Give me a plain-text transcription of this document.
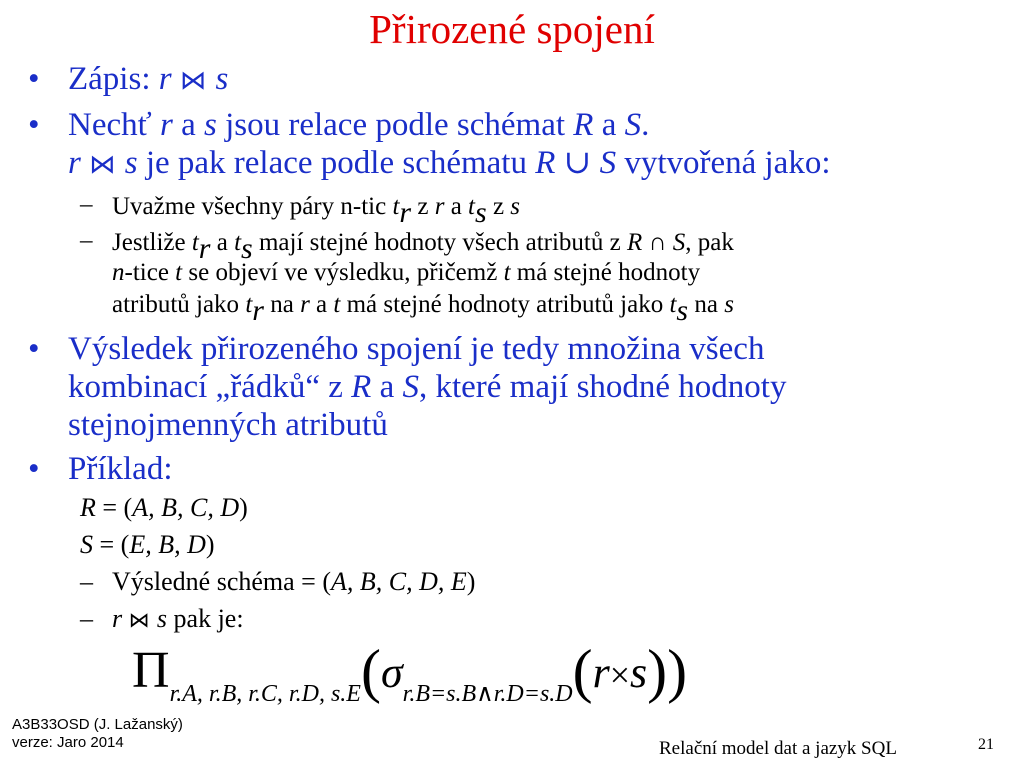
Přirozené spojení
• Zápis: r ⋈ s
• Nechť r a s jsou relace podle schémat R a S.
r ⋈ s je pak relace podle schématu R ∪ S vytvořená jako:
– Uvažme všechny páry n-tic tr z r a ts z s
– Jestliže tr a ts mají stejné hodnoty všech atributů z R ∩ S, pak
n-tice t se objeví ve výsledku, přičemž t má stejné hodnoty
atributů jako tr na r a t má stejné hodnoty atributů jako ts na s
• Výsledek přirozeného spojení je tedy množina všech
kombinací „řádků“ z R a S, které mají shodné hodnoty
stejnojmenných atributů
• Příklad:
R = (A, B, C, D)
S = (E, B, D)
– Výsledné schéma = (A, B, C, D, E)
– r ⋈ s pak je:
Πr.A, r.B, r.C, r.D, s.E(σr.B=s.B∧r.D=s.D(r×s))
A3B33OSD (J. Lažanský)
verze: Jaro 2014	Relační model dat a jazyk SQL	21
